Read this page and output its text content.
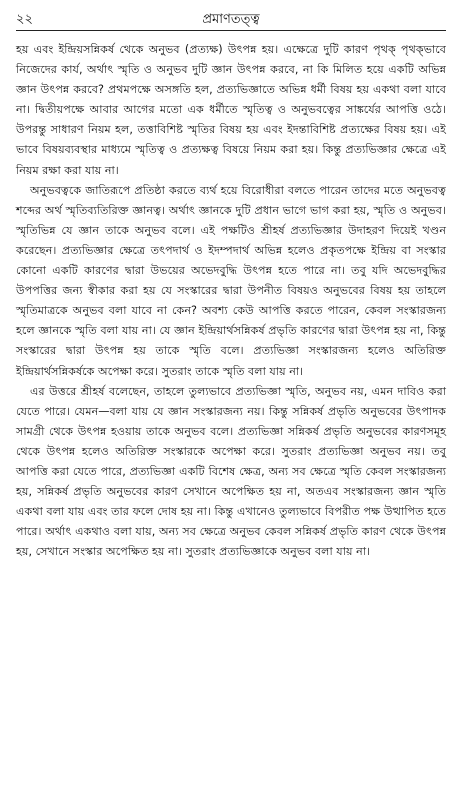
২২	প্রমাণতত্ত্ব

হয় এবং ইন্দ্রিয়সন্নিকর্ষ থেকে অনুভব (প্রত্যক্ষ) উৎপন্ন হয়। এক্ষেত্রে দুটি কারণ পৃথক্ পৃথক্ভাবে নিজেদের কার্য, অর্থাৎ স্মৃতি ও অনুভব দুটি জ্ঞান উৎপন্ন করবে, না কি মিলিত হয়ে একটি অভিন্ন জ্ঞান উৎপন্ন করবে? প্রথমপক্ষে অসঙ্গতি হল, প্রত্যভিজ্ঞাতে অভিন্ন ধর্মী বিষয় হয় একথা বলা যাবে না। দ্বিতীয়পক্ষে আবার আগের মতো এক ধর্মীতে স্মৃতিত্ব ও অনুভবত্বের সাঙ্কর্যের আপত্তি ওঠে। উপরন্তু সাধারণ নিয়ম হল, তত্তাবিশিষ্ট স্মৃতির বিষয় হয় এবং ইদন্তাবিশিষ্ট প্রত্যক্ষের বিষয় হয়। এই ভাবে বিষয়ব্যবস্থার মাধ্যমে স্মৃতিত্ব ও প্রত্যক্ষত্ব বিষয়ে নিয়ম করা হয়। কিন্তু প্রত্যভিজ্ঞার ক্ষেত্রে এই নিয়ম রক্ষা করা যায় না।

অনুভবত্বকে জাতিরূপে প্রতিষ্ঠা করতে ব্যর্থ হয়ে বিরোধীরা বলতে পারেন তাদের মতে অনুভবত্ব শব্দের অর্থ স্মৃতিব্যতিরিক্ত জ্ঞানত্ব। অর্থাৎ জ্ঞানকে দুটি প্রধান ভাগে ভাগ করা হয়, স্মৃতি ও অনুভব। স্মৃতিভিন্ন যে জ্ঞান তাকে অনুভব বলে। এই পক্ষটিও শ্রীহর্ষ প্রত্যভিজ্ঞার উদাহরণ দিয়েই খণ্ডন করেছেন। প্রত্যভিজ্ঞার ক্ষেত্রে তৎপদার্থ ও ইদম্পদার্থ অভিন্ন হলেও প্রকৃতপক্ষে ইন্দ্রিয় বা সংস্কার কোনো একটি কারণের দ্বারা উভয়ের অভেদবুদ্ধি উৎপন্ন হতে পারে না। তবু যদি অভেদবুদ্ধির উপপত্তির জন্য স্বীকার করা হয় যে সংস্কারের দ্বারা উপনীত বিষয়ও অনুভবের বিষয় হয় তাহলে স্মৃতিমাত্রকে অনুভব বলা যাবে না কেন? অবশ্য কেউ আপত্তি করতে পারেন, কেবল সংস্কারজন্য হলে জ্ঞানকে স্মৃতি বলা যায় না। যে জ্ঞান ইন্দ্রিয়ার্থসন্নিকর্ষ প্রভৃতি কারণের দ্বারা উৎপন্ন হয় না, কিন্তু সংস্কারের দ্বারা উৎপন্ন হয় তাকে স্মৃতি বলে। প্রত্যভিজ্ঞা সংস্কারজন্য হলেও অতিরিক্ত ইন্দ্রিয়ার্থসন্নিকর্ষকে অপেক্ষা করে। সুতরাং তাকে স্মৃতি বলা যায় না।

এর উত্তরে শ্রীহর্ষ বলেছেন, তাহলে তুল্যভাবে প্রত্যভিজ্ঞা স্মৃতি, অনুভব নয়, এমন দাবিও করা যেতে পারে। যেমন—বলা যায় যে জ্ঞান সংস্কারজন্য নয়। কিন্তু সন্নিকর্ষ প্রভৃতি অনুভবের উৎপাদক সামগ্রী থেকে উৎপন্ন হওয়ায় তাকে অনুভব বলে। প্রত্যভিজ্ঞা সন্নিকর্ষ প্রভৃতি অনুভবের কারণসমূহ থেকে উৎপন্ন হলেও অতিরিক্ত সংস্কারকে অপেক্ষা করে। সুতরাং প্রত্যভিজ্ঞা অনুভব নয়। তবু আপত্তি করা যেতে পারে, প্রত্যভিজ্ঞা একটি বিশেষ ক্ষেত্র, অন্য সব ক্ষেত্রে স্মৃতি কেবল সংস্কারজন্য হয়, সন্নিকর্ষ প্রভৃতি অনুভবের কারণ সেখানে অপেক্ষিত হয় না, অতএব সংস্কারজন্য জ্ঞান স্মৃতি একথা বলা যায় এবং তার ফলে দোষ হয় না। কিন্তু এখানেও তুল্যভাবে বিপরীত পক্ষ উত্থাপিত হতে পারে। অর্থাৎ একথাও বলা যায়, অন্য সব ক্ষেত্রে অনুভব কেবল সন্নিকর্ষ প্রভৃতি কারণ থেকে উৎপন্ন হয়, সেখানে সংস্কার অপেক্ষিত হয় না। সুতরাং প্রত্যভিজ্ঞাকে অনুভব বলা যায় না।
